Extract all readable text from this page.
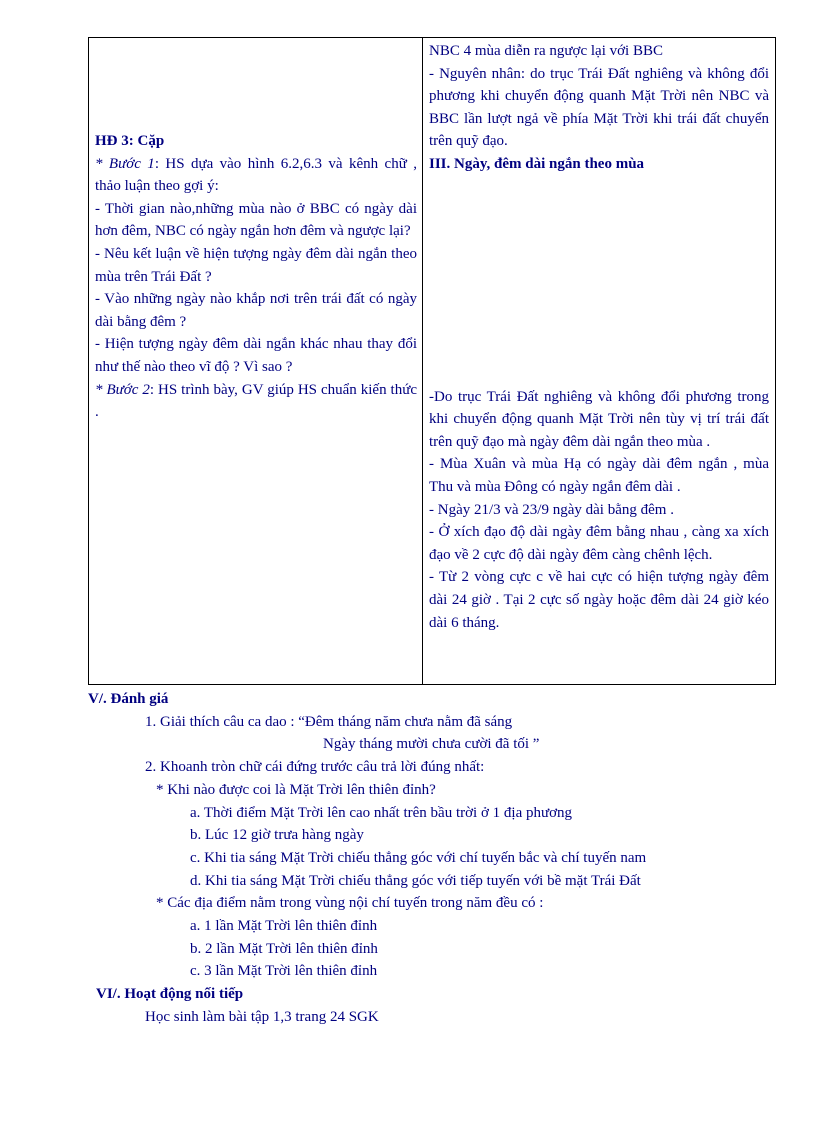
HĐ 3: Cặp

* Bước 1: HS dựa vào hình 6.2,6.3 và kênh chữ , thảo luận theo gợi ý:

- Thời gian nào,những mùa nào ở BBC có ngày dài hơn đêm, NBC có ngày ngắn hơn đêm và ngược lại?

- Nêu kết luận về hiện tượng ngày đêm dài ngắn theo mùa trên Trái Đất ?

- Vào những ngày nào khắp nơi trên trái đất có ngày dài bằng đêm ?

- Hiện tượng ngày đêm dài ngắn khác nhau thay đổi như thế nào theo vĩ độ ? Vì sao ?

* Bước 2: HS trình bày, GV giúp HS chuẩn kiến thức .

NBC 4 mùa diễn ra ngược lại với BBC

- Nguyên nhân: do trục Trái Đất nghiêng và không đổi phương khi chuyển động quanh Mặt Trời nên NBC và BBC lần lượt ngả về phía Mặt Trời khi trái đất chuyển trên quỹ đạo.

III. Ngày, đêm dài ngắn theo mùa

-Do trục Trái Đất nghiêng và không đổi phương trong khi chuyển động quanh Mặt Trời nên tùy vị trí trái đất trên quỹ đạo mà ngày đêm dài ngắn theo mùa .

- Mùa Xuân và mùa Hạ có ngày dài đêm ngắn , mùa Thu và mùa Đông có ngày ngắn đêm dài .

- Ngày 21/3 và 23/9 ngày dài bằng đêm .

- Ở xích đạo độ dài ngày đêm bằng nhau , càng xa xích đạo về 2 cực độ dài ngày đêm càng chênh lệch.

- Từ 2 vòng cực c về hai cực có hiện tượng ngày đêm dài 24 giờ . Tại 2 cực số ngày hoặc đêm dài 24 giờ kéo dài 6 tháng.

V/. Đánh giá

1. Giải thích câu ca dao : “Đêm tháng năm chưa nằm đã sáng

Ngày tháng mười chưa cười đã tối ”

2. Khoanh tròn chữ cái đứng trước câu trả lời đúng nhất:

* Khi nào được coi là Mặt Trời lên thiên đỉnh?

a. Thời điểm Mặt Trời lên cao nhất trên bầu trời ở 1 địa phương

b. Lúc 12 giờ trưa hàng ngày

c. Khi tia sáng Mặt Trời chiếu thẳng góc với chí tuyến bắc và chí tuyến nam

d. Khi tia sáng Mặt Trời chiếu thẳng góc với tiếp tuyến với bề mặt Trái Đất

* Các địa điểm nằm trong vùng nội chí tuyến trong năm đều có :

a. 1 lần Mặt Trời lên thiên đỉnh

b. 2 lần Mặt Trời lên thiên đỉnh

c. 3 lần Mặt Trời lên thiên đỉnh

VI/. Hoạt động nối tiếp

Học sinh làm bài tập 1,3 trang 24 SGK
